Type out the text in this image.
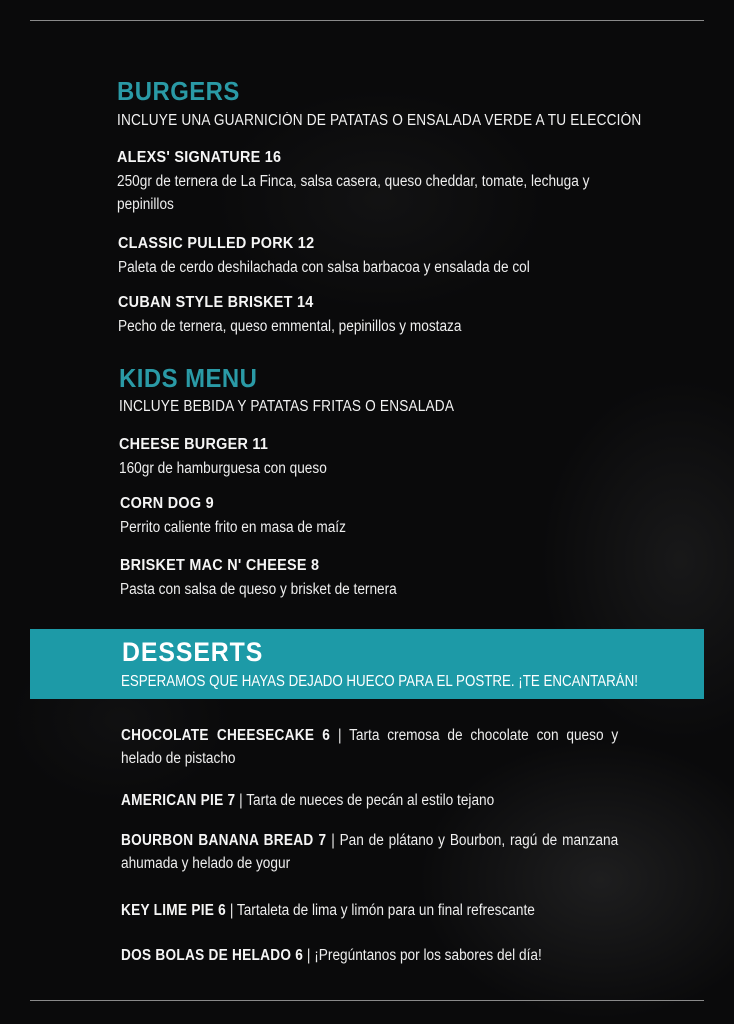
BURGERS
INCLUYE UNA GUARNICIÓN DE PATATAS O ENSALADA VERDE A TU ELECCIÓN
ALEXS' SIGNATURE 16
250gr de ternera de La Finca, salsa casera, queso cheddar, tomate, lechuga y pepinillos
CLASSIC PULLED PORK 12
Paleta de cerdo deshilachada con salsa barbacoa y ensalada de col
CUBAN STYLE BRISKET 14
Pecho de ternera, queso emmental, pepinillos y mostaza
KIDS MENU
INCLUYE BEBIDA Y PATATAS FRITAS O ENSALADA
CHEESE BURGER 11
160gr de hamburguesa con queso
CORN DOG 9
Perrito caliente frito en masa de maíz
BRISKET MAC N' CHEESE 8
Pasta con salsa de queso y brisket de ternera
DESSERTS
ESPERAMOS QUE HAYAS DEJADO HUECO PARA EL POSTRE. ¡TE ENCANTARÁN!
CHOCOLATE CHEESECAKE 6 | Tarta cremosa de chocolate con queso y helado de pistacho
AMERICAN PIE 7 | Tarta de nueces de pecán al estilo tejano
BOURBON BANANA BREAD 7 | Pan de plátano y Bourbon, ragú de manzana ahumada y helado de yogur
KEY LIME PIE 6 | Tartaleta de lima y limón para un final refrescante
DOS BOLAS DE HELADO 6 | ¡Pregúntanos por los sabores del día!
